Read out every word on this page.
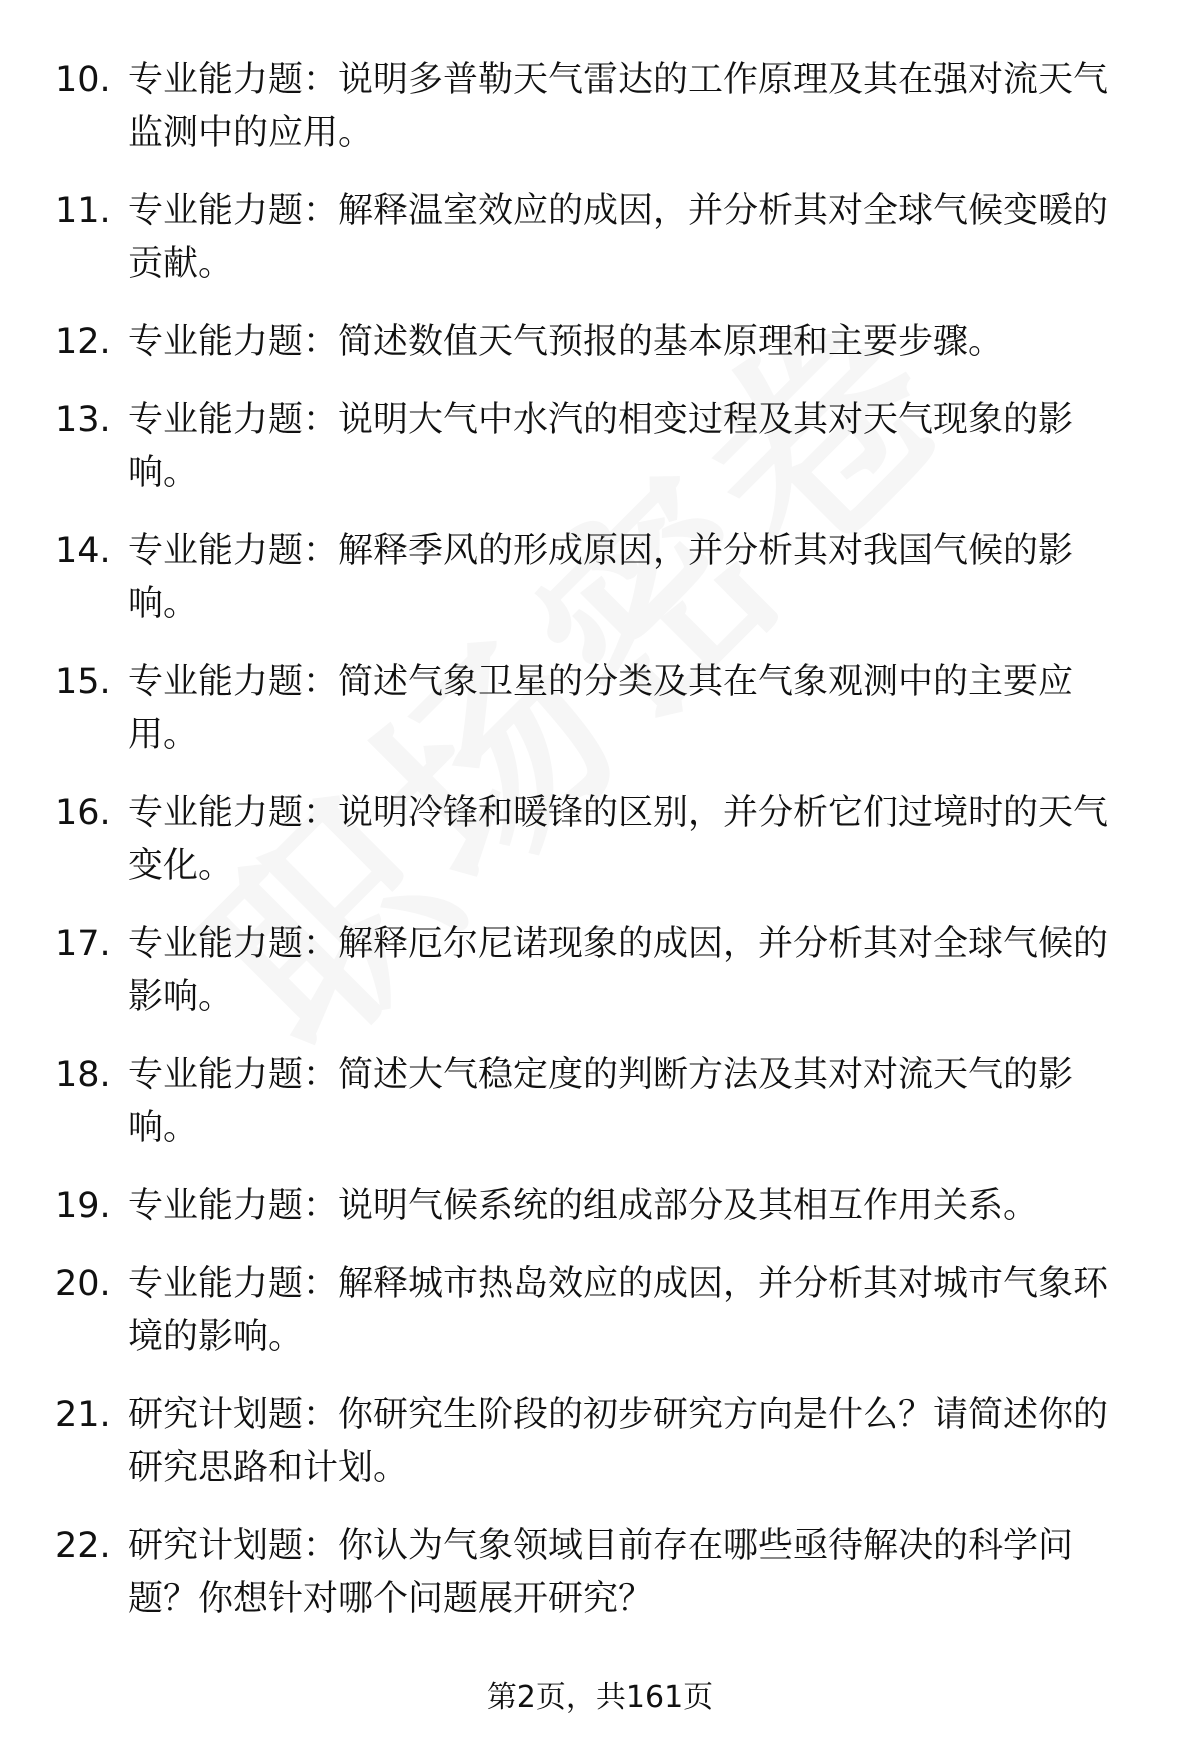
10. 专业能力题：说明多普勒天气雷达的工作原理及其在强对流天气监测中的应用。
11. 专业能力题：解释温室效应的成因，并分析其对全球气候变暖的贡献。
12. 专业能力题：简述数值天气预报的基本原理和主要步骤。
13. 专业能力题：说明大气中水汽的相变过程及其对天气现象的影响。
14. 专业能力题：解释季风的形成原因，并分析其对我国气候的影响。
15. 专业能力题：简述气象卫星的分类及其在气象观测中的主要应用。
16. 专业能力题：说明冷锋和暖锋的区别，并分析它们过境时的天气变化。
17. 专业能力题：解释厄尔尼诺现象的成因，并分析其对全球气候的影响。
18. 专业能力题：简述大气稳定度的判断方法及其对对流天气的影响。
19. 专业能力题：说明气候系统的组成部分及其相互作用关系。
20. 专业能力题：解释城市热岛效应的成因，并分析其对城市气象环境的影响。
21. 研究计划题：你研究生阶段的初步研究方向是什么？请简述你的研究思路和计划。
22. 研究计划题：你认为气象领域目前存在哪些亟待解决的科学问题？你想针对哪个问题展开研究？
第2页，共161页
